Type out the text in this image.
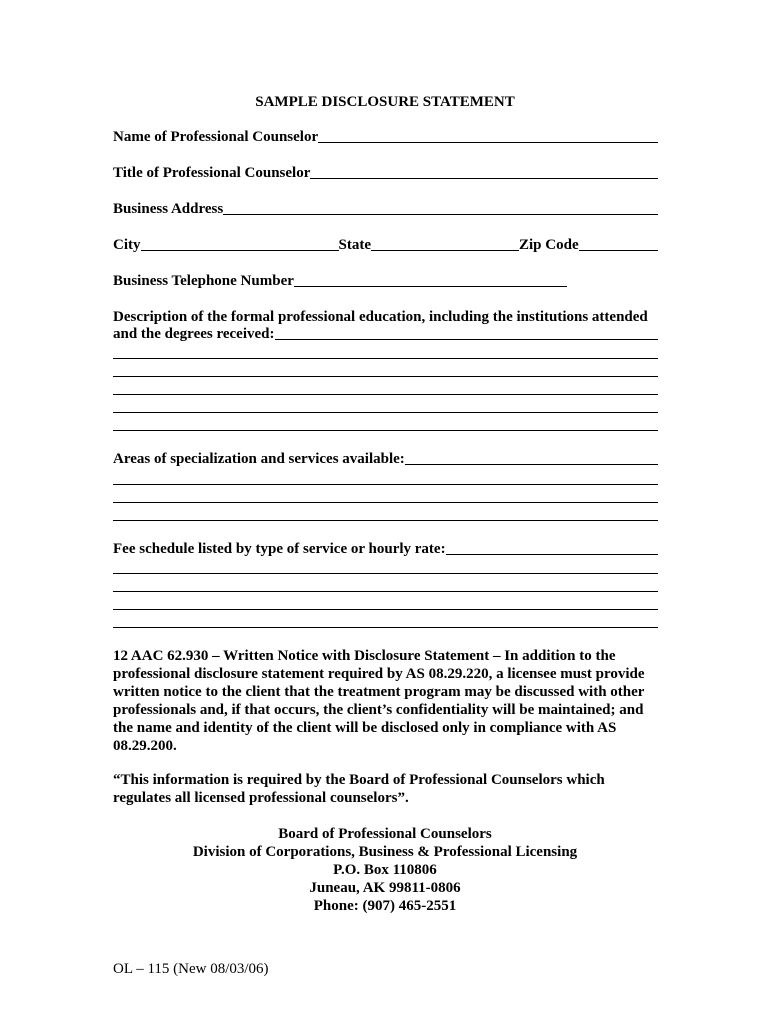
SAMPLE DISCLOSURE STATEMENT
Name of Professional Counselor
Title of Professional Counselor
Business Address
City	State	Zip Code
Business Telephone Number
Description of the formal professional education, including the institutions attended
and the degrees received:
Areas of specialization and services available:
Fee schedule listed by type of service or hourly rate:
12 AAC 62.930 – Written Notice with Disclosure Statement – In addition to the
professional disclosure statement required by AS 08.29.220, a licensee must provide
written notice to the client that the treatment program may be discussed with other
professionals and, if that occurs, the client’s confidentiality will be maintained; and
the name and identity of the client will be disclosed only in compliance with AS
08.29.200.
“This information is required by the Board of Professional Counselors which
regulates all licensed professional counselors”.
Board of Professional Counselors
Division of Corporations, Business & Professional Licensing
P.O. Box 110806
Juneau, AK 99811-0806
Phone: (907) 465-2551
OL – 115 (New 08/03/06)
